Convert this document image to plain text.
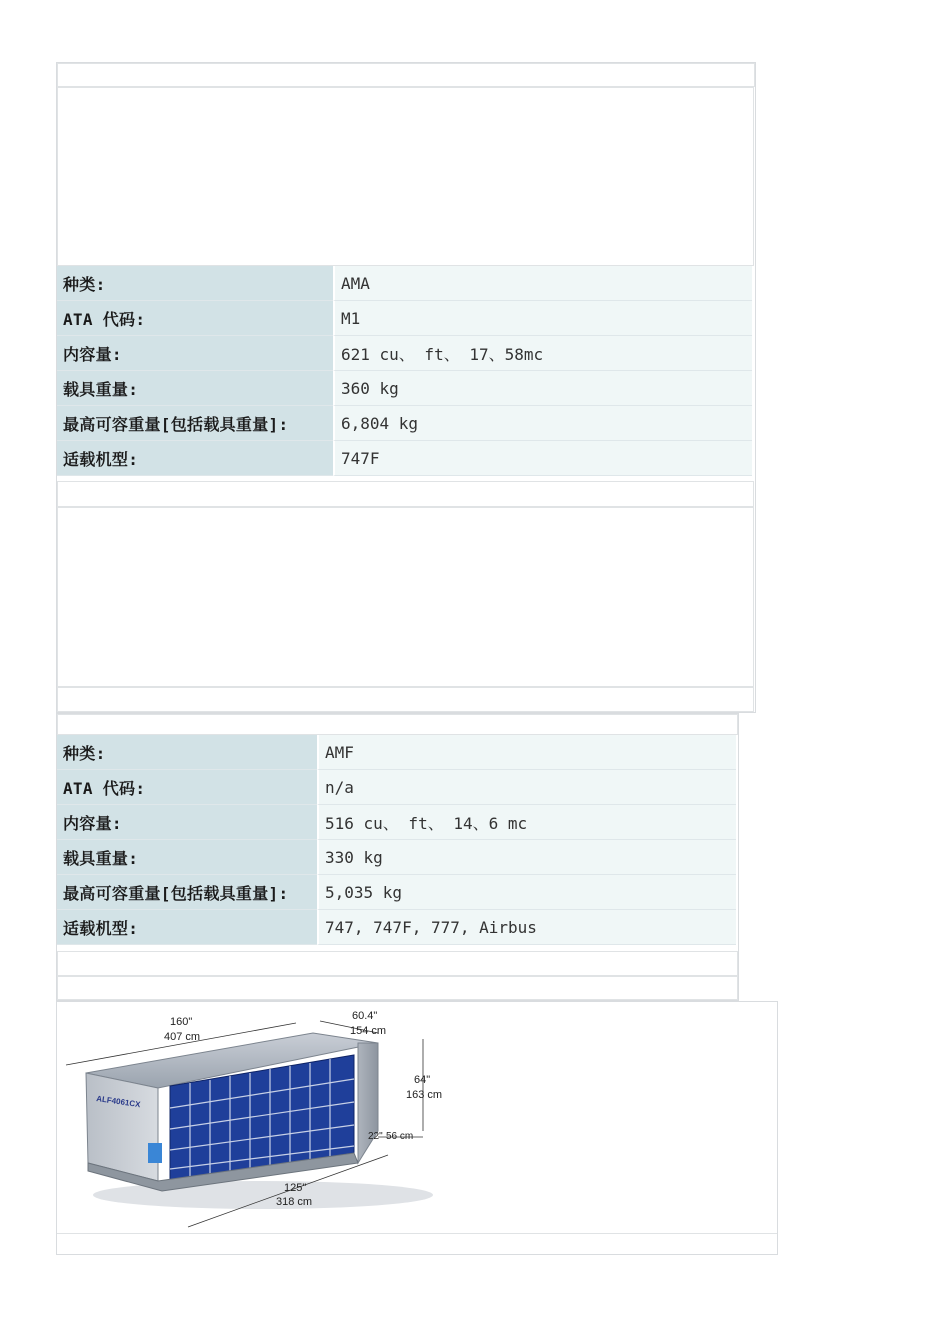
种类:	AMA
ATA 代码:	M1
内容量:	621 cu、 ft、 17、58mc
载具重量:	360 kg
最高可容重量[包括载具重量]:	6,804 kg
适载机型:	747F
种类:	AMF
ATA 代码:	n/a
内容量:	516 cu、 ft、 14、6 mc
载具重量:	330 kg
最高可容重量[包括载具重量]:	5,035 kg
适载机型:	747, 747F, 777, Airbus
ALF4061CX
160"
407 cm
60.4"
154 cm
64"
163 cm
22" 56 cm
125"
318 cm
